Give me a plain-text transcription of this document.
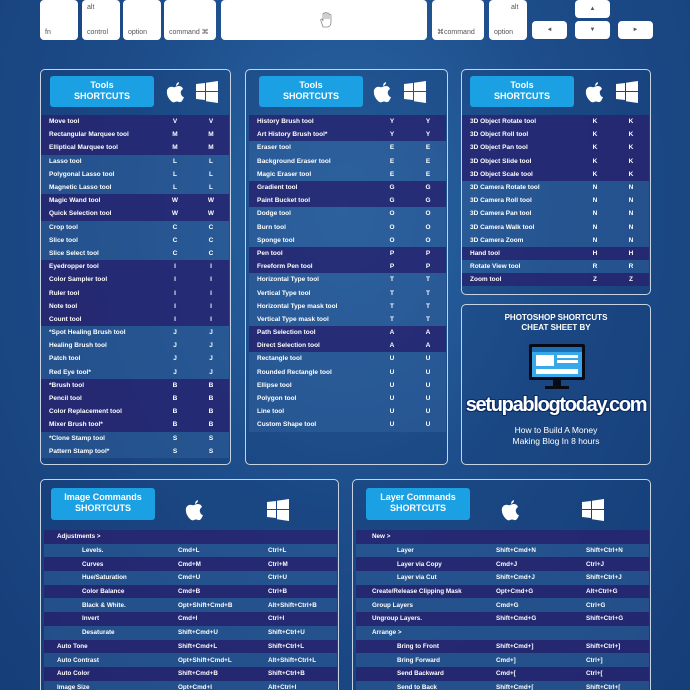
fn
alt
control	option	command ⌘	⌘command
alt
option
▲
◄	▼	►
Tools
SHORTCUTS
Move tool	V	V
Rectangular Marquee tool	M	M
Elliptical Marquee tool	M	M
Lasso tool	L	L
Polygonal Lasso tool	L	L
Magnetic Lasso tool	L	L
Magic Wand tool	W	W
Quick Selection tool	W	W
Crop tool	C	C
Slice tool	C	C
Slice Select tool	C	C
Eyedropper tool	I	I
Color Sampler tool	I	I
Ruler tool	I	I
Note tool	I	I
Count tool	I	I
*Spot Healing Brush tool	J	J
Healing Brush tool	J	J
Patch tool	J	J
Red Eye tool*	J	J
*Brush tool	B	B
Pencil tool	B	B
Color Replacement tool	B	B
Mixer Brush tool*	B	B
*Clone Stamp tool	S	S
Pattern Stamp tool*	S	S
Tools
SHORTCUTS
History Brush tool	Y	Y
Art History Brush tool*	Y	Y
Eraser tool	E	E
Background Eraser tool	E	E
Magic Eraser tool	E	E
Gradient tool	G	G
Paint Bucket tool	G	G
Dodge tool	O	O
Burn tool	O	O
Sponge tool	O	O
Pen tool	P	P
Freeform Pen tool	P	P
Horizontal Type tool	T	T
Vertical Type tool	T	T
Horizontal Type mask tool	T	T
Vertical Type mask tool	T	T
Path Selection tool	A	A
Direct Selection tool	A	A
Rectangle tool	U	U
Rounded Rectangle tool	U	U
Ellipse tool	U	U
Polygon tool	U	U
Line tool	U	U
Custom Shape tool	U	U
Tools
SHORTCUTS
3D Object Rotate tool	K	K
3D Object Roll tool	K	K
3D Object Pan tool	K	K
3D Object Slide tool	K	K
3D Object Scale tool	K	K
3D Camera Rotate tool	N	N
3D Camera Roll tool	N	N
3D Camera Pan tool	N	N
3D Camera Walk tool	N	N
3D Camera Zoom	N	N
Hand tool	H	H
Rotate View tool	R	R
Zoom tool	Z	Z
PHOTOSHOP SHORTCUTS
CHEAT SHEET BY
setupablogtoday.com
How to Build A Money
Making Blog In 8 hours
Image Commands
SHORTCUTS
Adjustments >
Levels.	Cmd+L	Ctrl+L
Curves	Cmd+M	Ctrl+M
Hue/Saturation	Cmd+U	Ctrl+U
Color Balance	Cmd+B	Ctrl+B
Black & White.	Opt+Shift+Cmd+B	Alt+Shift+Ctrl+B
Invert	Cmd+I	Ctrl+I
Desaturate	Shift+Cmd+U	Shift+Ctrl+U
Auto Tone	Shift+Cmd+L	Shift+Ctrl+L
Auto Contrast	Opt+Shift+Cmd+L	Alt+Shift+Ctrl+L
Auto Color	Shift+Cmd+B	Shift+Ctrl+B
Image Size	Opt+Cmd+I	Alt+Ctrl+I
Layer Commands
SHORTCUTS
New >
Layer	Shift+Cmd+N	Shift+Ctrl+N
Layer via Copy	Cmd+J	Ctrl+J
Layer via Cut	Shift+Cmd+J	Shift+Ctrl+J
Create/Release Clipping Mask	Opt+Cmd+G	Alt+Ctrl+G
Group Layers	Cmd+G	Ctrl+G
Ungroup Layers.	Shift+Cmd+G	Shift+Ctrl+G
Arrange >
Bring to Front	Shift+Cmd+]	Shift+Ctrl+]
Bring Forward	Cmd+]	Ctrl+]
Send Backward	Cmd+[	Ctrl+[
Send to Back	Shift+Cmd+[	Shift+Ctrl+[
